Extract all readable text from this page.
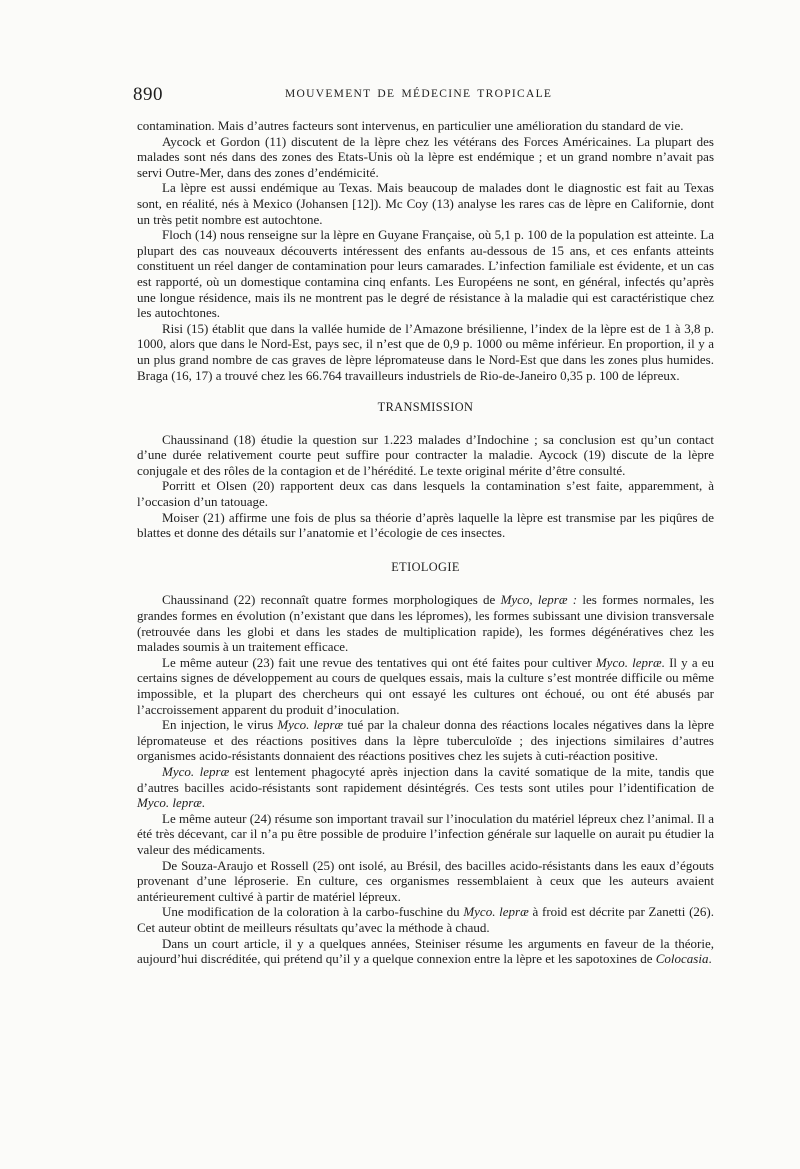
890	MOUVEMENT DE MÉDECINE TROPICALE

contamination. Mais d’autres facteurs sont intervenus, en particulier une amélioration du standard de vie.

Aycock et Gordon (11) discutent de la lèpre chez les vétérans des Forces Américaines. La plupart des malades sont nés dans des zones des Etats-Unis où la lèpre est endémique ; et un grand nombre n’avait pas servi Outre-Mer, dans des zones d’endémicité.

La lèpre est aussi endémique au Texas. Mais beaucoup de malades dont le diagnostic est fait au Texas sont, en réalité, nés à Mexico (Johansen [12]). Mc Coy (13) analyse les rares cas de lèpre en Californie, dont un très petit nombre est autochtone.

Floch (14) nous renseigne sur la lèpre en Guyane Française, où 5,1 p. 100 de la population est atteinte. La plupart des cas nouveaux découverts intéressent des enfants au-dessous de 15 ans, et ces enfants atteints constituent un réel danger de contamination pour leurs camarades. L’infection familiale est évidente, et un cas est rapporté, où un domestique contamina cinq enfants. Les Européens ne sont, en général, infectés qu’après une longue résidence, mais ils ne montrent pas le degré de résistance à la maladie qui est caractéristique chez les autochtones.

Risi (15) établit que dans la vallée humide de l’Amazone brésilienne, l’index de la lèpre est de 1 à 3,8 p. 1000, alors que dans le Nord-Est, pays sec, il n’est que de 0,9 p. 1000 ou même inférieur. En proportion, il y a un plus grand nombre de cas graves de lèpre lépromateuse dans le Nord-Est que dans les zones plus humides. Braga (16, 17) a trouvé chez les 66.764 travailleurs industriels de Rio-de-Janeiro 0,35 p. 100 de lépreux.

TRANSMISSION

Chaussinand (18) étudie la question sur 1.223 malades d’Indochine ; sa conclusion est qu’un contact d’une durée relativement courte peut suffire pour contracter la maladie. Aycock (19) discute de la lèpre conjugale et des rôles de la contagion et de l’hérédité. Le texte original mérite d’être consulté.

Porritt et Olsen (20) rapportent deux cas dans lesquels la contamination s’est faite, apparemment, à l’occasion d’un tatouage.

Moiser (21) affirme une fois de plus sa théorie d’après laquelle la lèpre est transmise par les piqûres de blattes et donne des détails sur l’anatomie et l’écologie de ces insectes.

ETIOLOGIE

Chaussinand (22) reconnaît quatre formes morphologiques de Myco, lepræ : les formes normales, les grandes formes en évolution (n’existant que dans les lépromes), les formes subissant une division transversale (retrouvée dans les globi et dans les stades de multiplication rapide), les formes dégénératives chez les malades soumis à un traitement efficace.

Le même auteur (23) fait une revue des tentatives qui ont été faites pour cultiver Myco. lepræ. Il y a eu certains signes de développement au cours de quelques essais, mais la culture s’est montrée difficile ou même impossible, et la plupart des chercheurs qui ont essayé les cultures ont échoué, ou ont été abusés par l’accroissement apparent du produit d’inoculation.

En injection, le virus Myco. lepræ tué par la chaleur donna des réactions locales négatives dans la lèpre lépromateuse et des réactions positives dans la lèpre tuberculoïde ; des injections similaires d’autres organismes acido-résistants donnaient des réactions positives chez les sujets à cuti-réaction positive.

Myco. lepræ est lentement phagocyté après injection dans la cavité somatique de la mite, tandis que d’autres bacilles acido-résistants sont rapidement désintégrés. Ces tests sont utiles pour l’identification de Myco. lepræ.

Le même auteur (24) résume son important travail sur l’inoculation du matériel lépreux chez l’animal. Il a été très décevant, car il n’a pu être possible de produire l’infection générale sur laquelle on aurait pu étudier la valeur des médicaments.

De Souza-Araujo et Rossell (25) ont isolé, au Brésil, des bacilles acido-résistants dans les eaux d’égouts provenant d’une léproserie. En culture, ces organismes ressemblaient à ceux que les auteurs avaient antérieurement cultivé à partir de matériel lépreux.

Une modification de la coloration à la carbo-fuschine du Myco. lepræ à froid est décrite par Zanetti (26). Cet auteur obtint de meilleurs résultats qu’avec la méthode à chaud.

Dans un court article, il y a quelques années, Steiniser résume les arguments en faveur de la théorie, aujourd’hui discréditée, qui prétend qu’il y a quelque connexion entre la lèpre et les sapotoxines de Colocasia.
